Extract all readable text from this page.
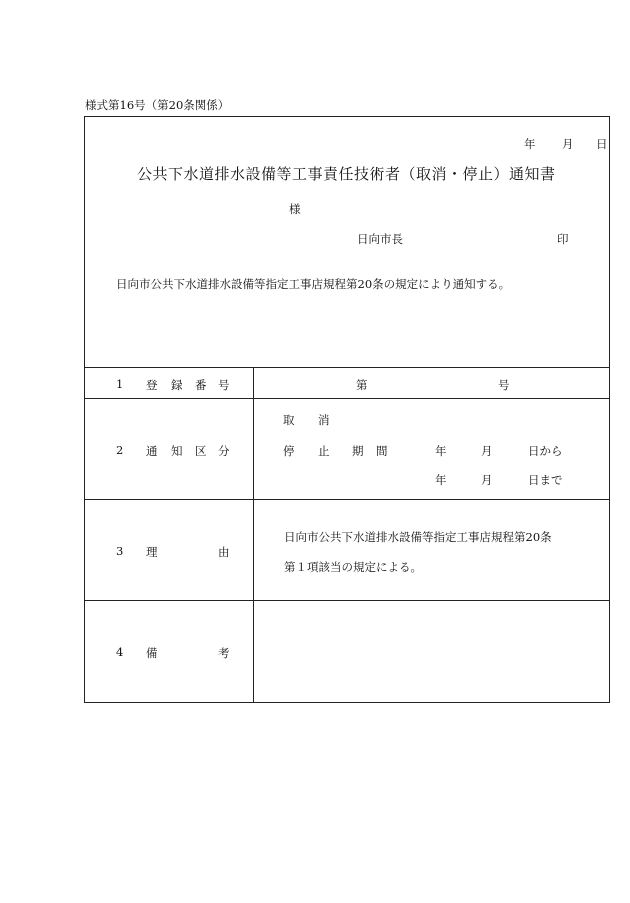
様式第16号（第20条関係）
年 月 日
公共下水道排水設備等工事責任技術者（取消・停止）通知書
様
日向市長	印
日向市公共下水道排水設備等指定工事店規程第20条の規定により通知する。
1 登 録 番 号	第	号
2 通 知 区 分
取 消
停 止 期 間	年	月	日から
年	月	日まで
3 理	由
日向市公共下水道排水設備等指定工事店規程第20条
第１項該当の規定による。
4 備	考
